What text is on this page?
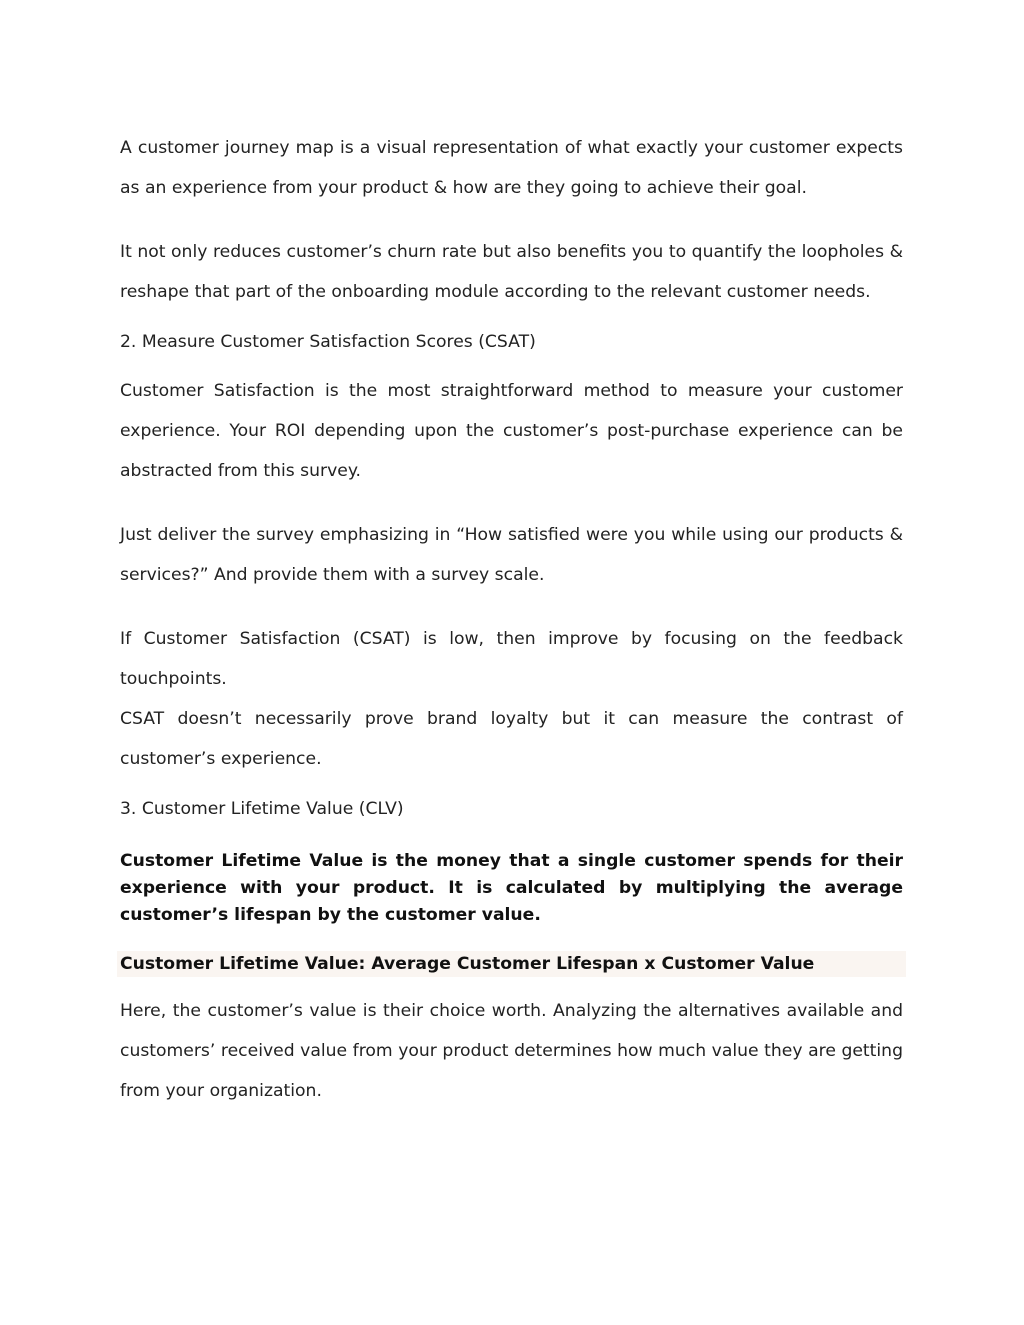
A customer journey map is a visual representation of what exactly your customer expects as an experience from your product & how are they going to achieve their goal.

It not only reduces customer’s churn rate but also benefits you to quantify the loopholes & reshape that part of the onboarding module according to the relevant customer needs.

2. Measure Customer Satisfaction Scores (CSAT)

Customer Satisfaction is the most straightforward method to measure your customer experience. Your ROI depending upon the customer’s post-purchase experience can be abstracted from this survey.

Just deliver the survey emphasizing in “How satisfied were you while using our products & services?” And provide them with a survey scale.

If Customer Satisfaction (CSAT) is low, then improve by focusing on the feedback touchpoints.

CSAT doesn’t necessarily prove brand loyalty but it can measure the contrast of customer’s experience.

3. Customer Lifetime Value (CLV)

Customer Lifetime Value is the money that a single customer spends for their experience with your product. It is calculated by multiplying the average customer’s lifespan by the customer value.

Customer Lifetime Value: Average Customer Lifespan x Customer Value

Here, the customer’s value is their choice worth. Analyzing the alternatives available and customers’ received value from your product determines how much value they are getting from your organization.
